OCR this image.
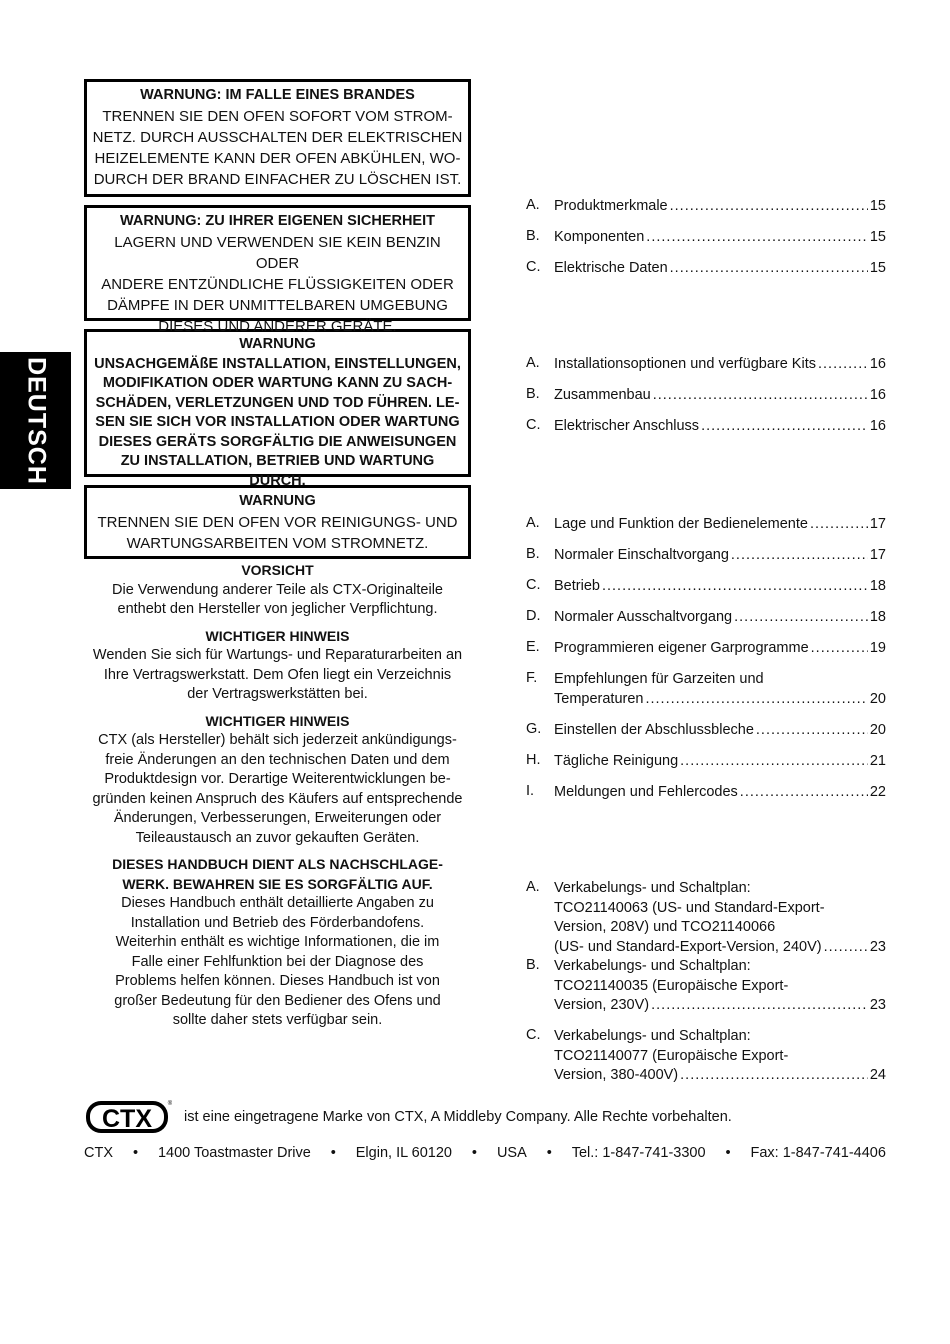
DEUTSCH
WARNUNG: IM FALLE EINES BRANDES
TRENNEN SIE DEN OFEN SOFORT VOM STROM-
NETZ. DURCH AUSSCHALTEN DER ELEKTRISCHEN
HEIZELEMENTE KANN DER OFEN ABKÜHLEN, WO-
DURCH DER BRAND EINFACHER ZU LÖSCHEN IST.
WARNUNG: ZU IHRER EIGENEN SICHERHEIT
LAGERN UND VERWENDEN SIE KEIN BENZIN ODER
ANDERE ENTZÜNDLICHE FLÜSSIGKEITEN ODER
DÄMPFE IN DER UNMITTELBAREN UMGEBUNG
DIESES UND ANDERER GERÄTE.
WARNUNG
UNSACHGEMÄßE INSTALLATION, EINSTELLUNGEN,
MODIFIKATION ODER WARTUNG KANN ZU SACH-
SCHÄDEN, VERLETZUNGEN UND TOD FÜHREN. LE-
SEN SIE SICH VOR INSTALLATION ODER WARTUNG
DIESES GERÄTS SORGFÄLTIG DIE ANWEISUNGEN
ZU INSTALLATION, BETRIEB UND WARTUNG DURCH.
WARNUNG
TRENNEN SIE DEN OFEN VOR REINIGUNGS- UND
WARTUNGSARBEITEN VOM STROMNETZ.
VORSICHT
Die Verwendung anderer Teile als CTX-Originalteile
enthebt den Hersteller von jeglicher Verpflichtung.
WICHTIGER HINWEIS
Wenden Sie sich für Wartungs- und Reparaturarbeiten an
Ihre Vertragswerkstatt. Dem Ofen liegt ein Verzeichnis
der Vertragswerkstätten bei.
WICHTIGER HINWEIS
CTX (als Hersteller) behält sich jederzeit ankündigungs-
freie Änderungen an den technischen Daten und dem
Produktdesign vor. Derartige Weiterentwicklungen be-
gründen keinen Anspruch des Käufers auf entsprechende
Änderungen, Verbesserungen, Erweiterungen oder
Teileaustausch an zuvor gekauften Geräten.
DIESES HANDBUCH DIENT ALS NACHSCHLAGE-
WERK. BEWAHREN SIE ES SORGFÄLTIG AUF.
Dieses Handbuch enthält detaillierte Angaben zu
Installation und Betrieb des Förderbandofens.
Weiterhin enthält es wichtige Informationen, die im
Falle einer Fehlfunktion bei der Diagnose des
Problems helfen können. Dieses Handbuch ist von
großer Bedeutung für den Bediener des Ofens und
sollte daher stets verfügbar sein.
A. Produktmerkmale .....	15
B. Komponenten .....	15
C. Elektrische Daten .....	15
A. Installationsoptionen und verfügbare Kits .....	16
B. Zusammenbau .....	16
C. Elektrischer Anschluss .....	16
A. Lage und Funktion der Bedienelemente .....	17
B. Normaler Einschaltvorgang .....	17
C. Betrieb .....	18
D. Normaler Ausschaltvorgang .....	18
E. Programmieren eigener Garprogramme .....	19
F. Empfehlungen für Garzeiten und
Temperaturen .....	20
G. Einstellen der Abschlussbleche .....	20
H. Tägliche Reinigung .....	21
I. Meldungen und Fehlercodes .....	22
A. Verkabelungs- und Schaltplan:
TCO21140063 (US- und Standard-Export-
Version, 208V) und TCO21140066
(US- und Standard-Export-Version, 240V) .....	23
B. Verkabelungs- und Schaltplan:
TCO21140035 (Europäische Export-
Version, 230V) .....	23
C. Verkabelungs- und Schaltplan:
TCO21140077 (Europäische Export-
Version, 380-400V) .....	24
CTX
®
ist eine eingetragene Marke von CTX, A Middleby Company. Alle Rechte vorbehalten.
CTX • 1400 Toastmaster Drive • Elgin, IL 60120 • USA • Tel.: 1-847-741-3300 • Fax: 1-847-741-4406
